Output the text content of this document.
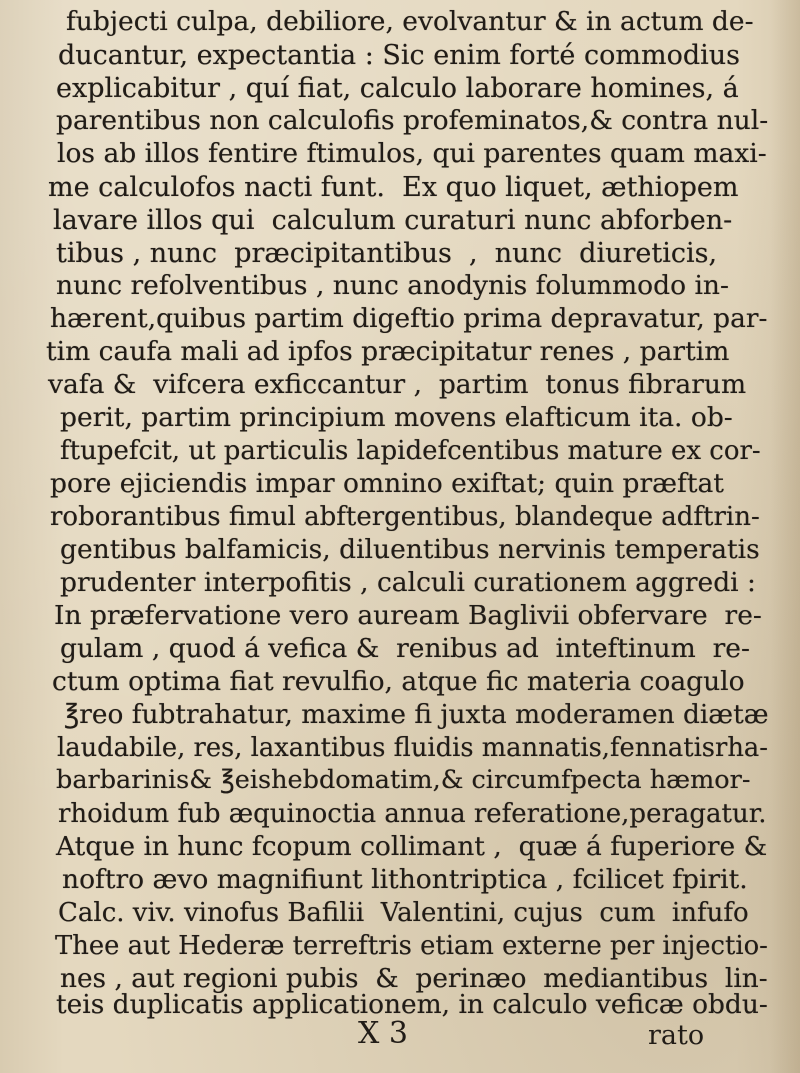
fubjecti culpa, debiliore, evolvantur & in actum de-
ducantur, expectantia : Sic enim forté commodius
explicabitur , quí fiat, calculo laborare homines, á
parentibus non calculofis profeminatos,& contra nul-
los ab illos fentire ftimulos, qui parentes quam maxi-
me calculofos nacti funt.  Ex quo liquet, æthiopem
lavare illos qui  calculum curaturi nunc abforben-
tibus , nunc  præcipitantibus  ,  nunc  diureticis,
nunc refolventibus , nunc anodynis folummodo in-
hærent,quibus partim digeftio prima depravatur, par-
tim caufa mali ad ipfos præcipitatur renes , partim
vafa &  vifcera exficcantur ,  partim  tonus fibrarum
perit, partim principium movens elafticum ita. ob-
ftupefcit, ut particulis lapidefcentibus mature ex cor-
pore ejiciendis impar omnino exiftat; quin præftat
roborantibus fimul abftergentibus, blandeque adftrin-
gentibus balfamicis, diluentibus nervinis temperatis
prudenter interpofitis , calculi curationem aggredi :
In præfervatione vero auream Baglivii obfervare  re-
gulam , quod á vefica &  renibus ad  inteftinum  re-
ctum optima fiat revulfio, atque fic materia coagulo
℥reo fubtrahatur, maxime fi juxta moderamen diætæ
laudabile, res, laxantibus fluidis mannatis,fennatisrha-
barbarinis& ℥eishebdomatim,& circumfpecta hæmor-
rhoidum fub æquinoctia annua referatione,peragatur.
Atque in hunc fcopum collimant ,  quæ á fuperiore &
noftro ævo magnifiunt lithontriptica , fcilicet fpirit.
Calc. viv. vinofus Bafilii  Valentini, cujus  cum  infufo
Thee aut Hederæ terreftris etiam externe per injectio-
nes , aut regioni pubis  &  perinæo  mediantibus  lin-
teis duplicatis applicationem, in calculo veficæ obdu-
X 3	rato
